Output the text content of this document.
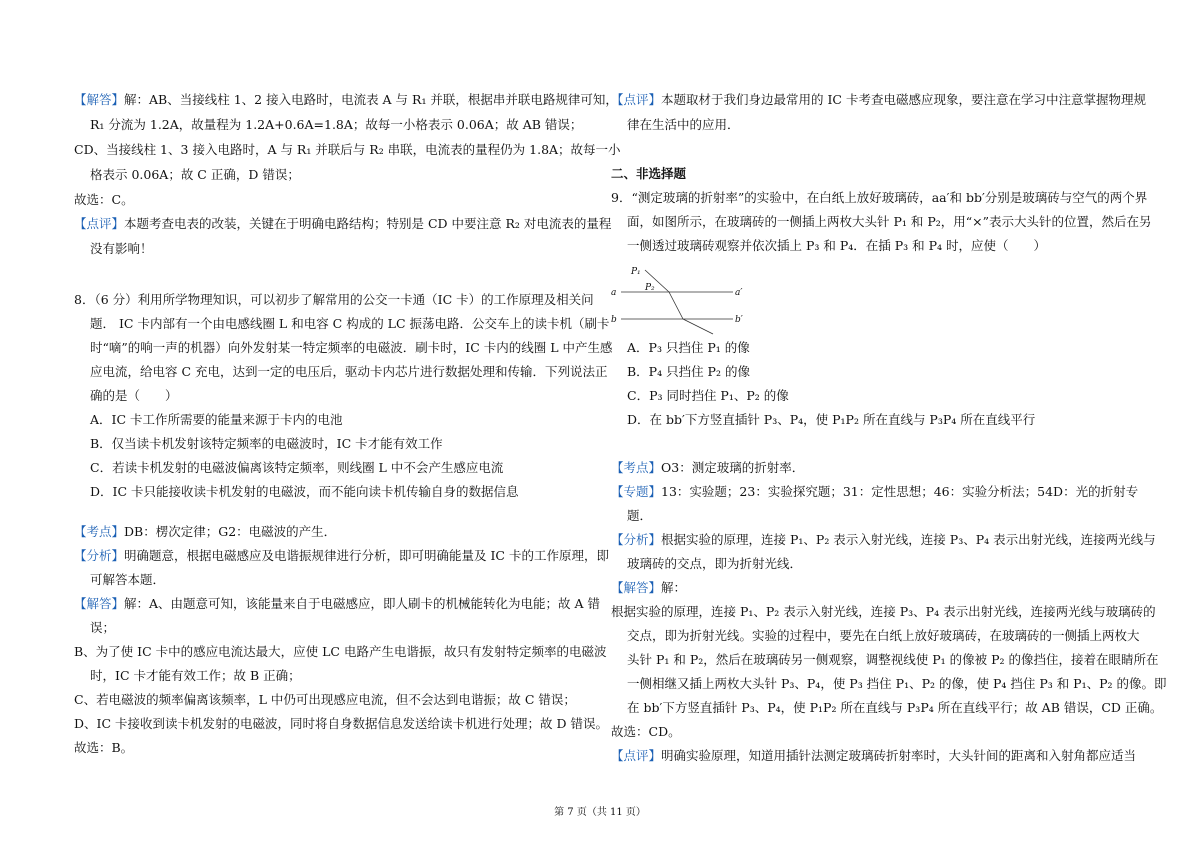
【解答】解：AB、当接线柱 1、2 接入电路时，电流表 A 与 R₁ 并联，根据串并联电路规律可知，
R₁ 分流为 1.2A，故量程为 1.2A+0.6A=1.8A；故每一小格表示 0.06A；故 AB 错误；
CD、当接线柱 1、3 接入电路时，A 与 R₁ 并联后与 R₂ 串联，电流表的量程仍为 1.8A；故每一小
格表示 0.06A；故 C 正确，D 错误；
故选：C。
【点评】本题考查电表的改装，关键在于明确电路结构；特别是 CD 中要注意 R₂ 对电流表的量程
没有影响！
8．（6 分）利用所学物理知识，可以初步了解常用的公交一卡通（IC 卡）的工作原理及相关问
题． IC 卡内部有一个由电感线圈 L 和电容 C 构成的 LC 振荡电路．公交车上的读卡机（刷卡
时“嘀”的响一声的机器）向外发射某一特定频率的电磁波．刷卡时，IC 卡内的线圈 L 中产生感
应电流，给电容 C 充电，达到一定的电压后，驱动卡内芯片进行数据处理和传输．下列说法正
确的是（　　）
A．IC 卡工作所需要的能量来源于卡内的电池
B．仅当读卡机发射该特定频率的电磁波时，IC 卡才能有效工作
C．若读卡机发射的电磁波偏离该特定频率，则线圈 L 中不会产生感应电流
D．IC 卡只能接收读卡机发射的电磁波，而不能向读卡机传输自身的数据信息
【考点】DB：楞次定律；G2：电磁波的产生．
【分析】明确题意，根据电磁感应及电谐振规律进行分析，即可明确能量及 IC 卡的工作原理，即
可解答本题．
【解答】解：A、由题意可知，该能量来自于电磁感应，即人刷卡的机械能转化为电能；故 A 错
误；
B、为了使 IC 卡中的感应电流达最大，应使 LC 电路产生电谐振，故只有发射特定频率的电磁波
时，IC 卡才能有效工作；故 B 正确；
C、若电磁波的频率偏离该频率，L 中仍可出现感应电流，但不会达到电谐振；故 C 错误；
D、IC 卡接收到读卡机发射的电磁波，同时将自身数据信息发送给读卡机进行处理；故 D 错误。
故选：B。
【点评】本题取材于我们身边最常用的 IC 卡考查电磁感应现象，要注意在学习中注意掌握物理规
律在生活中的应用．
二、非选择题
9．“测定玻璃的折射率”的实验中，在白纸上放好玻璃砖，aa′和 bb′分别是玻璃砖与空气的两个界
面，如图所示，在玻璃砖的一侧插上两枚大头针 P₁ 和 P₂，用“×”表示大头针的位置，然后在另
一侧透过玻璃砖观察并依次插上 P₃ 和 P₄．在插 P₃ 和 P₄ 时，应使（　　）
P₁
P₂
a	a′
b	b′
A．P₃ 只挡住 P₁ 的像
B．P₄ 只挡住 P₂ 的像
C．P₃ 同时挡住 P₁、P₂ 的像
D．在 bb′下方竖直插针 P₃、P₄，使 P₁P₂ 所在直线与 P₃P₄ 所在直线平行
【考点】O3：测定玻璃的折射率．
【专题】13：实验题；23：实验探究题；31：定性思想；46：实验分析法；54D：光的折射专
题．
【分析】根据实验的原理，连接 P₁、P₂ 表示入射光线，连接 P₃、P₄ 表示出射光线，连接两光线与
玻璃砖的交点，即为折射光线．
【解答】解：
根据实验的原理，连接 P₁、P₂ 表示入射光线，连接 P₃、P₄ 表示出射光线，连接两光线与玻璃砖的
交点，即为折射光线。实验的过程中，要先在白纸上放好玻璃砖，在玻璃砖的一侧插上两枚大
头针 P₁ 和 P₂，然后在玻璃砖另一侧观察，调整视线使 P₁ 的像被 P₂ 的像挡住，接着在眼睛所在
一侧相继又插上两枚大头针 P₃、P₄，使 P₃ 挡住 P₁、P₂ 的像，使 P₄ 挡住 P₃ 和 P₁、P₂ 的像。即
在 bb′下方竖直插针 P₃、P₄，使 P₁P₂ 所在直线与 P₃P₄ 所在直线平行；故 AB 错误，CD 正确。
故选：CD。
【点评】明确实验原理，知道用插针法测定玻璃砖折射率时，大头针间的距离和入射角都应适当
第 7 页（共 11 页）
